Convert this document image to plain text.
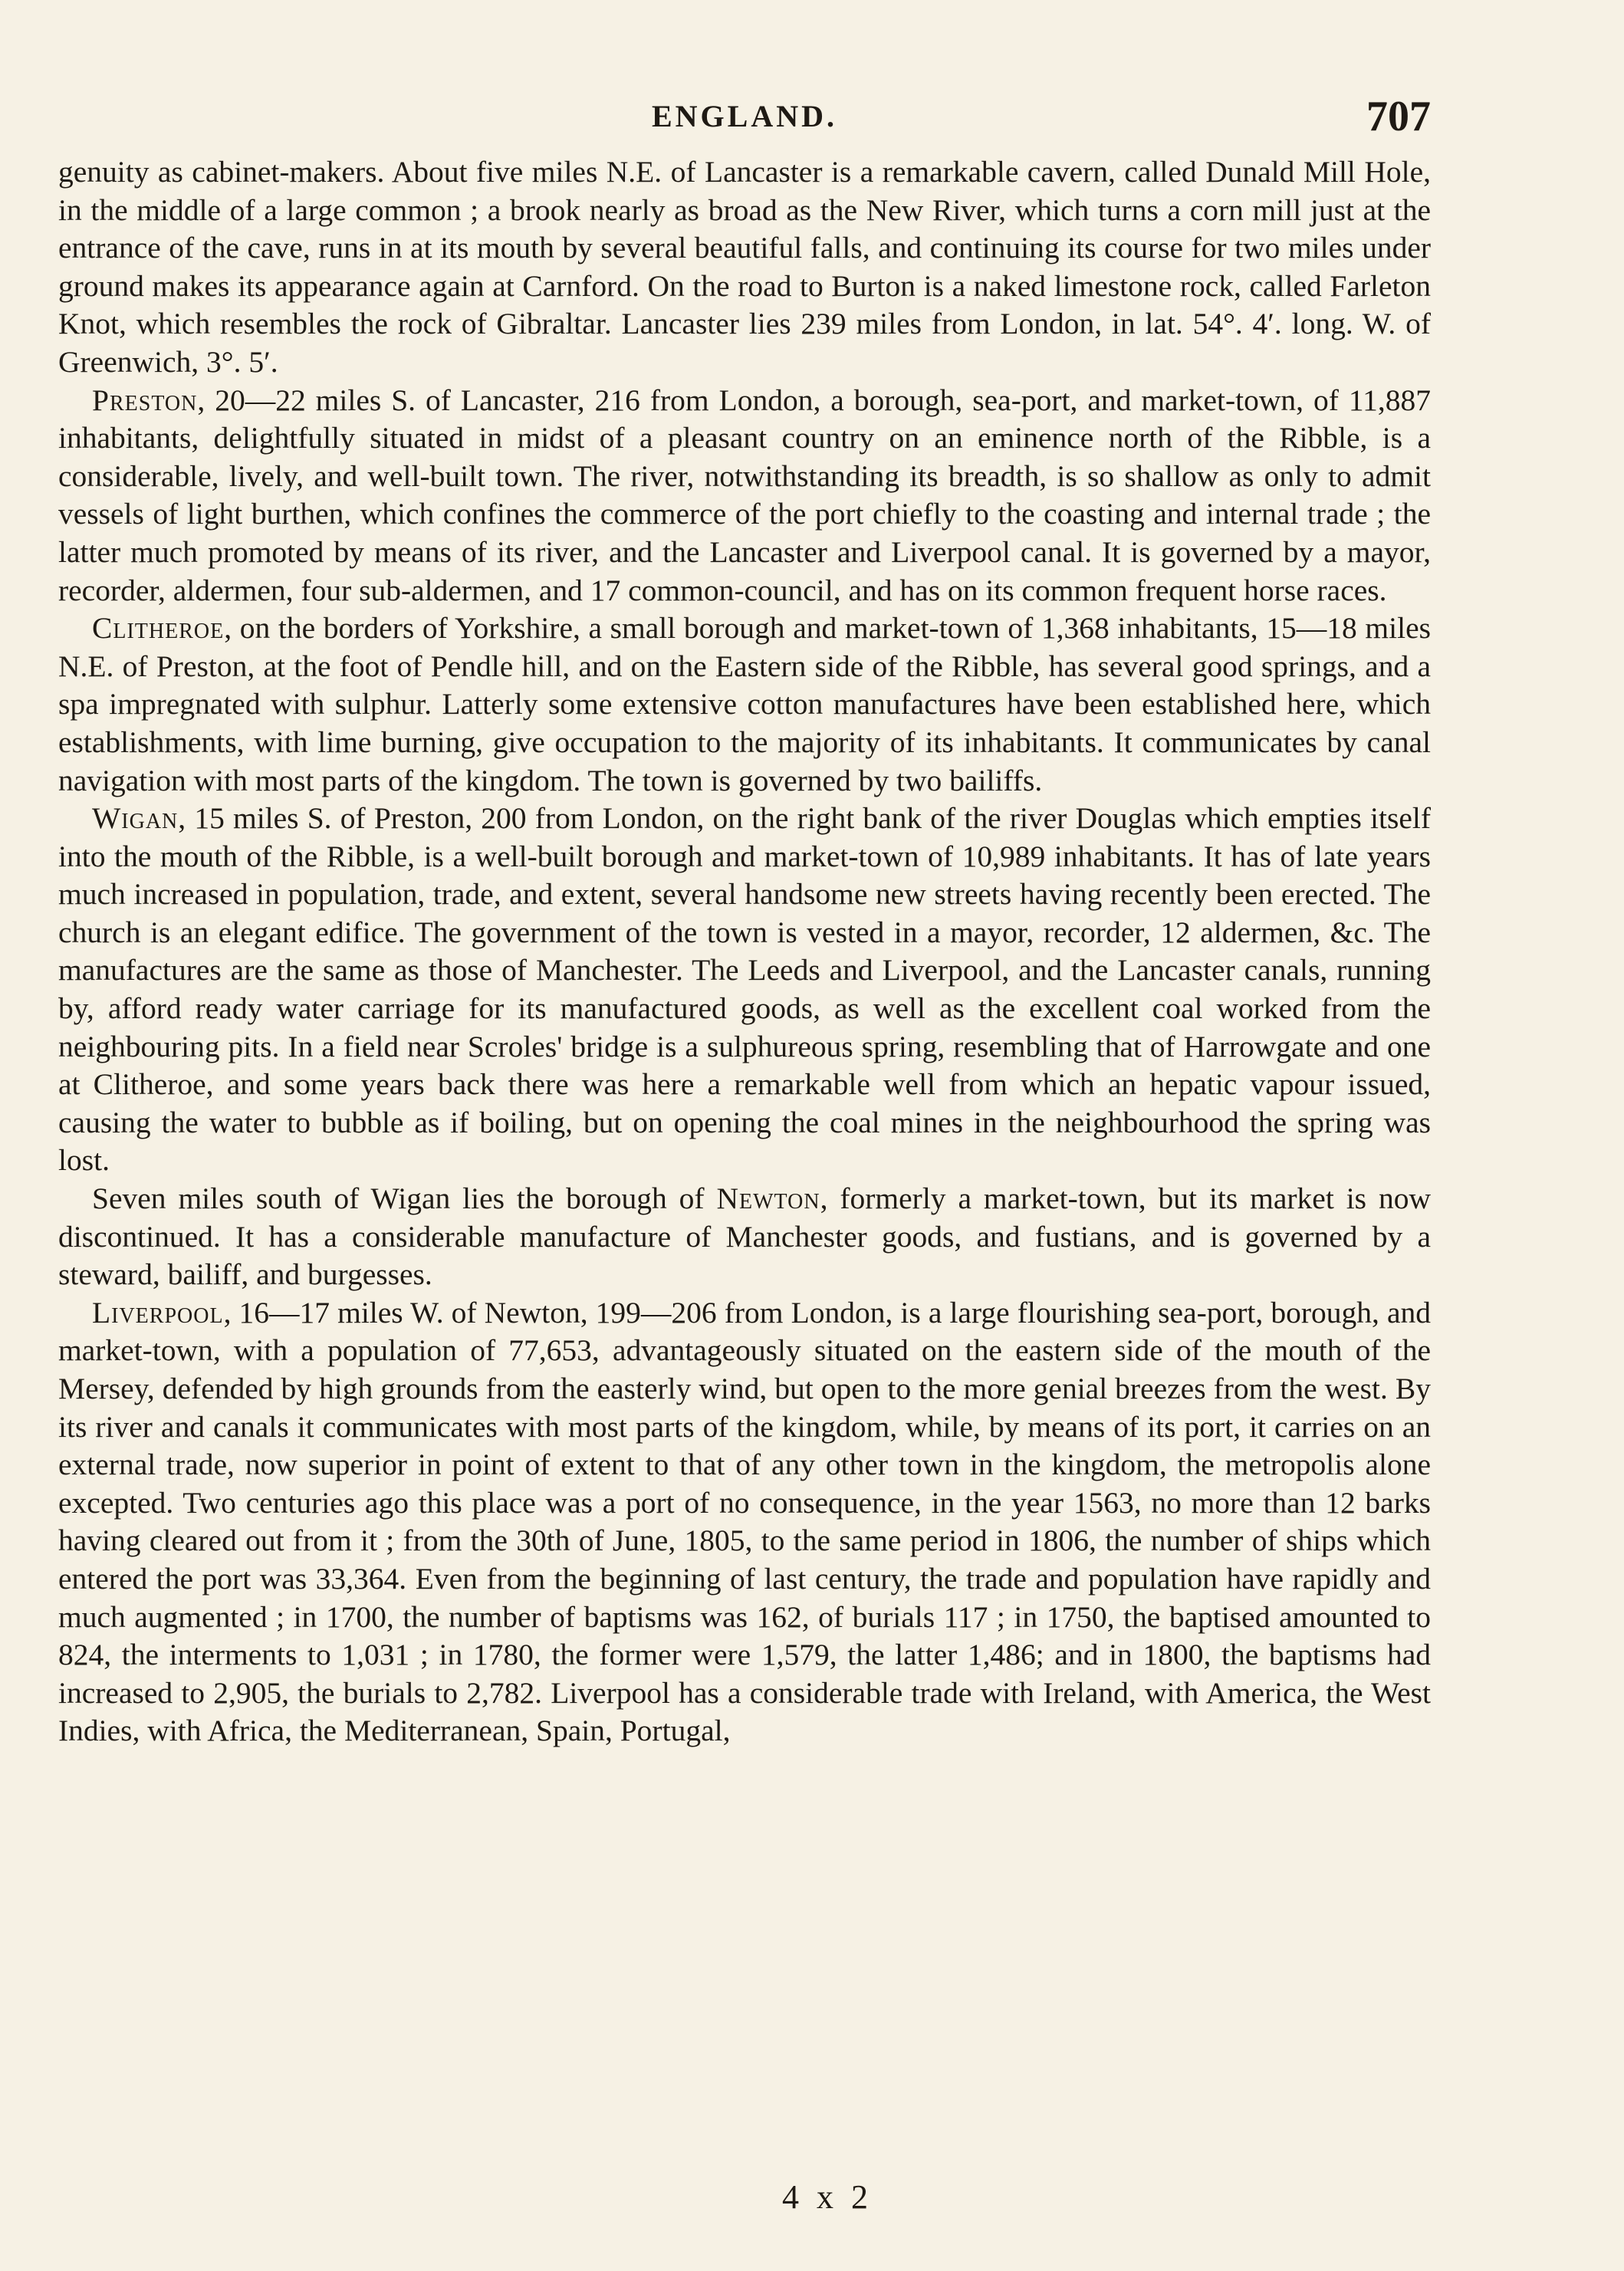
ENGLAND.	707

genuity as cabinet-makers. About five miles N.E. of Lancaster is a remarkable cavern, called Dunald Mill Hole, in the middle of a large common ; a brook nearly as broad as the New River, which turns a corn mill just at the entrance of the cave, runs in at its mouth by several beautiful falls, and continuing its course for two miles under ground makes its appearance again at Carnford. On the road to Burton is a naked limestone rock, called Farleton Knot, which resembles the rock of Gibraltar. Lancaster lies 239 miles from London, in lat. 54°. 4′. long. W. of Greenwich, 3°. 5′.

Preston, 20—22 miles S. of Lancaster, 216 from London, a borough, sea-port, and market-town, of 11,887 inhabitants, delightfully situated in midst of a pleasant country on an eminence north of the Ribble, is a considerable, lively, and well-built town. The river, notwithstanding its breadth, is so shallow as only to admit vessels of light burthen, which confines the commerce of the port chiefly to the coasting and internal trade ; the latter much promoted by means of its river, and the Lancaster and Liverpool canal. It is governed by a mayor, recorder, aldermen, four sub-aldermen, and 17 common-council, and has on its common frequent horse races.

Clitheroe, on the borders of Yorkshire, a small borough and market-town of 1,368 inhabitants, 15—18 miles N.E. of Preston, at the foot of Pendle hill, and on the Eastern side of the Ribble, has several good springs, and a spa impregnated with sulphur. Latterly some extensive cotton manufactures have been established here, which establishments, with lime burning, give occupation to the majority of its inhabitants. It communicates by canal navigation with most parts of the kingdom. The town is governed by two bailiffs.

Wigan, 15 miles S. of Preston, 200 from London, on the right bank of the river Douglas which empties itself into the mouth of the Ribble, is a well-built borough and market-town of 10,989 inhabitants. It has of late years much increased in population, trade, and extent, several handsome new streets having recently been erected. The church is an elegant edifice. The government of the town is vested in a mayor, recorder, 12 aldermen, &c. The manufactures are the same as those of Manchester. The Leeds and Liverpool, and the Lancaster canals, running by, afford ready water carriage for its manufactured goods, as well as the excellent coal worked from the neighbouring pits. In a field near Scroles' bridge is a sulphureous spring, resembling that of Harrowgate and one at Clitheroe, and some years back there was here a remarkable well from which an hepatic vapour issued, causing the water to bubble as if boiling, but on opening the coal mines in the neighbourhood the spring was lost.

Seven miles south of Wigan lies the borough of Newton, formerly a market-town, but its market is now discontinued. It has a considerable manufacture of Manchester goods, and fustians, and is governed by a steward, bailiff, and burgesses.

Liverpool, 16—17 miles W. of Newton, 199—206 from London, is a large flourishing sea-port, borough, and market-town, with a population of 77,653, advantageously situated on the eastern side of the mouth of the Mersey, defended by high grounds from the easterly wind, but open to the more genial breezes from the west. By its river and canals it communicates with most parts of the kingdom, while, by means of its port, it carries on an external trade, now superior in point of extent to that of any other town in the kingdom, the metropolis alone excepted. Two centuries ago this place was a port of no consequence, in the year 1563, no more than 12 barks having cleared out from it ; from the 30th of June, 1805, to the same period in 1806, the number of ships which entered the port was 33,364. Even from the beginning of last century, the trade and population have rapidly and much augmented ; in 1700, the number of baptisms was 162, of burials 117 ; in 1750, the baptised amounted to 824, the interments to 1,031 ; in 1780, the former were 1,579, the latter 1,486; and in 1800, the baptisms had increased to 2,905, the burials to 2,782. Liverpool has a considerable trade with Ireland, with America, the West Indies, with Africa, the Mediterranean, Spain, Portugal,

4 x 2
